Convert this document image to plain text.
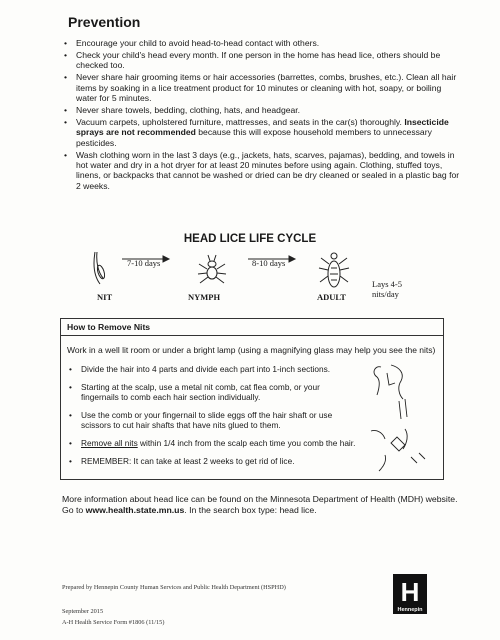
Prevention
• Encourage your child to avoid head-to-head contact with others.
• Check your child's head every month. If one person in the home has head lice, others should be checked too.
• Never share hair grooming items or hair accessories (barrettes, combs, brushes, etc.). Clean all hair items by soaking in a lice treatment product for 10 minutes or cleaning with hot, soapy, or boiling water for 5 minutes.
• Never share towels, bedding, clothing, hats, and headgear.
• Vacuum carpets, upholstered furniture, mattresses, and seats in the car(s) thoroughly. Insecticide sprays are not recommended because this will expose household members to unnecessary pesticides.
• Wash clothing worn in the last 3 days (e.g., jackets, hats, scarves, pajamas), bedding, and towels in hot water and dry in a hot dryer for at least 20 minutes before using again. Clothing, stuffed toys, linens, or backpacks that cannot be washed or dried can be dry cleaned or sealed in a plastic bag for 2 weeks.
HEAD LICE LIFE CYCLE
7-10 days	8-10 days
NIT	NYMPH	ADULT
Lays 4-5
nits/day
How to Remove Nits
Work in a well lit room or under a bright lamp (using a magnifying glass may help you see the nits)
• Divide the hair into 4 parts and divide each part into 1-inch sections.
• Starting at the scalp, use a metal nit comb, cat flea comb, or your fingernails to comb each hair section individually.
• Use the comb or your fingernail to slide eggs off the hair shaft or use scissors to cut hair shafts that have nits glued to them.
• Remove all nits within 1/4 inch from the scalp each time you comb the hair.
• REMEMBER: It can take at least 2 weeks to get rid of lice.
More information about head lice can be found on the Minnesota Department of Health (MDH) website. Go to www.health.state.mn.us. In the search box type: head lice.
Prepared by Hennepin County Human Services and Public Health Department (HSPHD)
September 2015
A-H Health Service Form #1806 (11/15)
H
Hennepin
